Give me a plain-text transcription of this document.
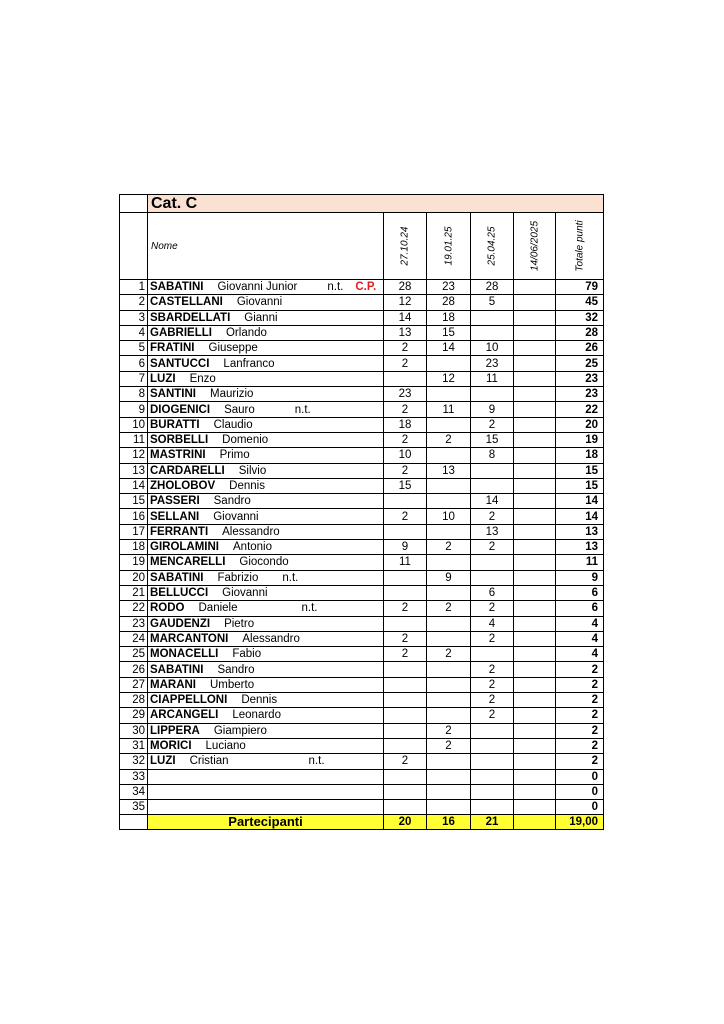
	Cat. C					
	Nome	27.10.24	19.01.25	25.04.25	14/06/2025	Totale punti

1	SABATINI Giovanni Junior n.t. C.P.	28	23	28		79
2	CASTELLANI Giovanni	12	28	5		45
3	SBARDELLATI Gianni	14	18			32
4	GABRIELLI Orlando	13	15			28
5	FRATINI Giuseppe	2	14	10		26
6	SANTUCCI Lanfranco	2		23		25
7	LUZI Enzo		12	11		23
8	SANTINI Maurizio	23				23
9	DIOGENICI Sauro n.t.	2	11	9		22
10	BURATTI Claudio	18		2		20
11	SORBELLI Domenio	2	2	15		19
12	MASTRINI Primo	10		8		18
13	CARDARELLI Silvio	2	13			15
14	ZHOLOBOV Dennis	15				15
15	PASSERI Sandro			14		14
16	SELLANI Giovanni	2	10	2		14
17	FERRANTI Alessandro			13		13
18	GIROLAMINI Antonio	9	2	2		13
19	MENCARELLI Giocondo	11				11
20	SABATINI Fabrizio n.t.		9			9
21	BELLUCCI Giovanni			6		6
22	RODO Daniele n.t.	2	2	2		6
23	GAUDENZI Pietro			4		4
24	MARCANTONI Alessandro	2		2		4
25	MONACELLI Fabio	2	2			4
26	SABATINI Sandro			2		2
27	MARANI Umberto			2		2
28	CIAPPELLONI Dennis			2		2
29	ARCANGELI Leonardo			2		2
30	LIPPERA Giampiero		2			2
31	MORICI Luciano		2			2
32	LUZI Cristian n.t.	2				2
33						0
34						0
35						0
	Partecipanti	20	16	21		19,00
